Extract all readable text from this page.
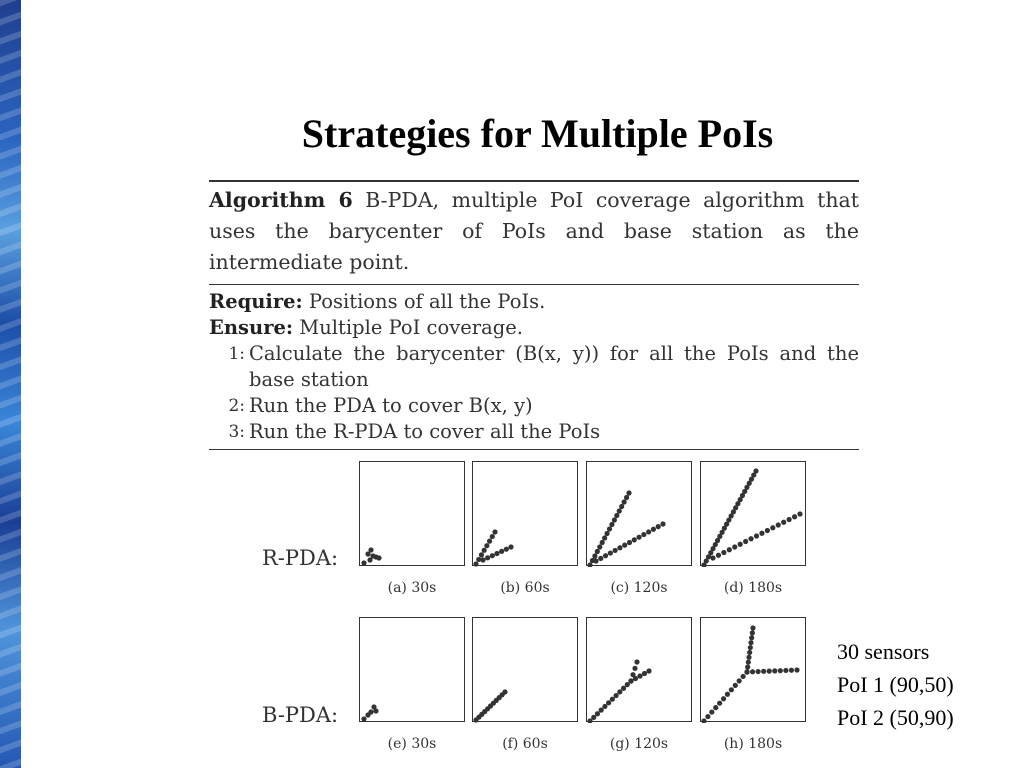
Strategies for Multiple PoIs
Algorithm 6 B-PDA, multiple PoI coverage algorithm that uses the barycenter of PoIs and base station as the intermediate point.
Require: Positions of all the PoIs.
Ensure: Multiple PoI coverage.
1: Calculate the barycenter (B(x, y)) for all the PoIs and the base station
2: Run the PDA to cover B(x, y)
3: Run the R-PDA to cover all the PoIs
R-PDA:
B-PDA:
(a) 30s	(b) 60s	(c) 120s	(d) 180s
(e) 30s	(f) 60s	(g) 120s	(h) 180s
30 sensors
PoI 1 (90,50)
PoI 2 (50,90)
